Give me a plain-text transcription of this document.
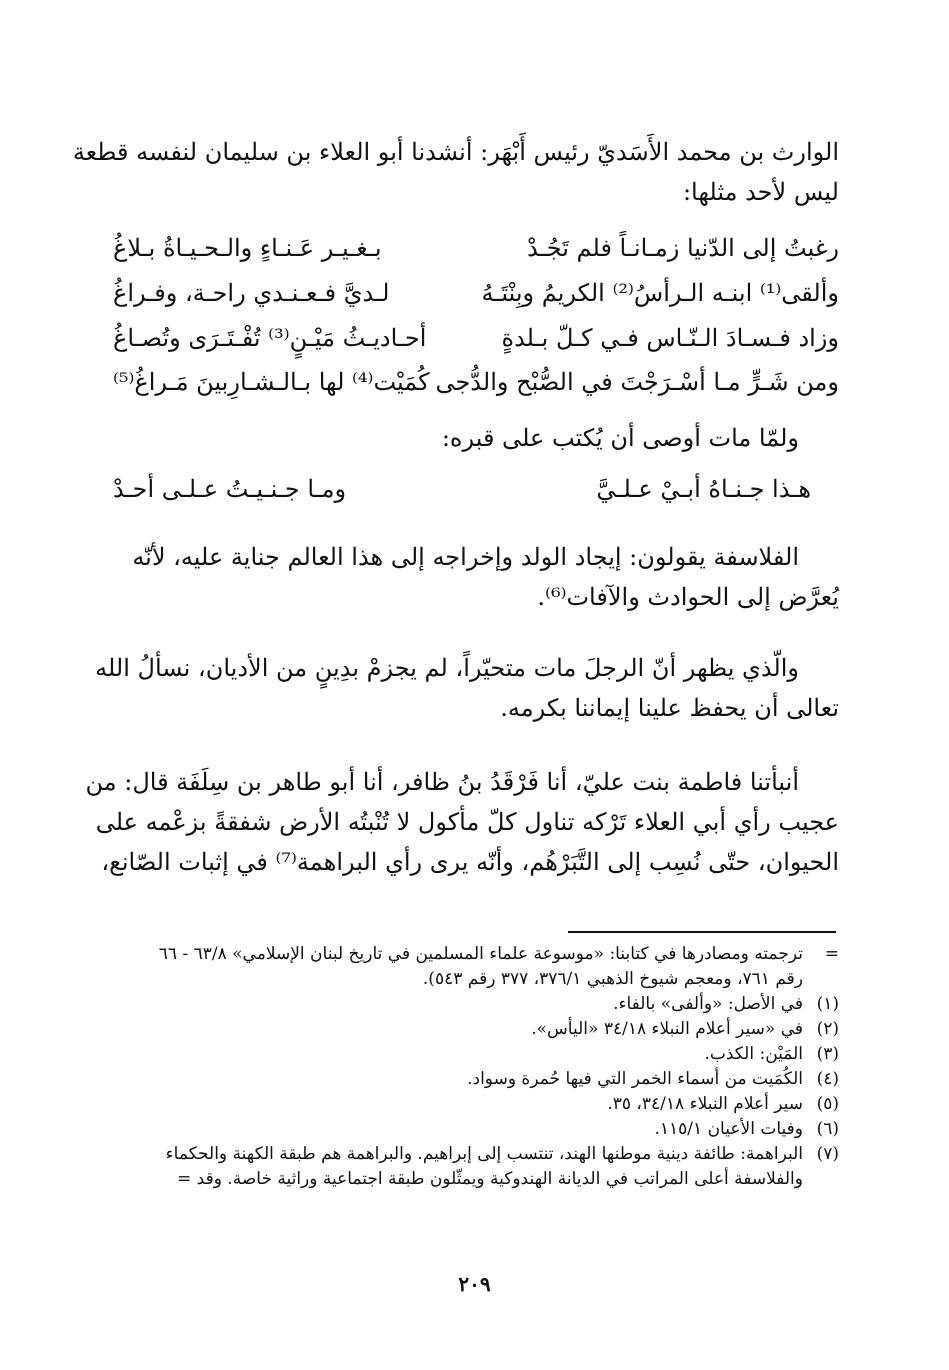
الوارث بن محمد الأَسَديّ رئيس أَبْهَر: أنشدنا أبو العلاء بن سليمان لنفسه قطعة
ليس لأحد مثلها:
رغبتُ إلى الدّنيا زمـانـاً فلم تَجُـدْ
بـغـيـر عَـنـاءٍ والـحـيـاةُ بـلاغُ
وألقى⁽¹⁾ ابنـه الـرأسُ⁽²⁾ الكريمُ وبِنْتَـهُ
لـديَّ فـعـنـدي راحـة، وفـراغُ
وزاد فـسـادَ الـنّـاس فـي كـلّ بـلدةٍ
أحـاديـثُ مَيْـنٍ⁽³⁾ تُفْـتَـرَى وتُصـاغُ
ومن شَـرٍّ مـا أسْـرَجْتَ في الصُّبْح والدُّجى
كُمَيْت⁽⁴⁾ لها بـالـشـارِبينَ مَـراغُ⁽⁵⁾
ولمّا مات أوصى أن يُكتب على قبره:
هـذا جـنـاهُ أبـيْ عـلـيَّ
ومـا جـنـيـتُ عـلـى أحـدْ
الفلاسفة يقولون: إيجاد الولد وإخراجه إلى هذا العالم جناية عليه، لأنّه
يُعرَّض إلى الحوادث والآفات⁽⁶⁾.
والّذي يظهر أنّ الرجلَ مات متحيّراً، لم يجزمْ بدِينٍ من الأديان، نسألُ الله
تعالى أن يحفظ علينا إيماننا بكرمه.
أنبأتنا فاطمة بنت عليّ، أنا فَرْقَدُ بنُ ظافر، أنا أبو طاهر بن سِلَفَة قال: من
عجيب رأي أبي العلاء تَرْكه تناول كلّ مأكول لا تُنْبتُه الأرض شفقةً بزعْمه على
الحيوان، حتّى نُسِب إلى التَّبَرْهُم، وأنّه يرى رأي البراهمة⁽⁷⁾ في إثبات الصّانع،
=
ترجمته ومصادرها في كتابنا: «موسوعة علماء المسلمين في تاريخ لبنان الإسلامي» ٦٣/٨ - ٦٦
رقم ٧٦١، ومعجم شيوخ الذهبي ٣٧٦/١، ٣٧٧ رقم ٥٤٣).
(١)
في الأصل: «وألفى» بالفاء.
(٢)
في «سير أعلام النبلاء ٣٤/١٨ «اليأس».
(٣)
المَيْن: الكذب.
(٤)
الكُمَيت من أسماء الخمر التي فيها حُمرة وسواد.
(٥)
سير أعلام النبلاء ٣٤/١٨، ٣٥.
(٦)
وفيات الأعيان ١١٥/١.
(٧)
البراهمة: طائفة دينية موطنها الهند، تنتسب إلى إبراهيم. والبراهمة هم طبقة الكهنة والحكماء
والفلاسفة أعلى المراتب في الديانة الهندوكية ويمثّلون طبقة اجتماعية وراثية خاصة. وقد =
٢٠٩
